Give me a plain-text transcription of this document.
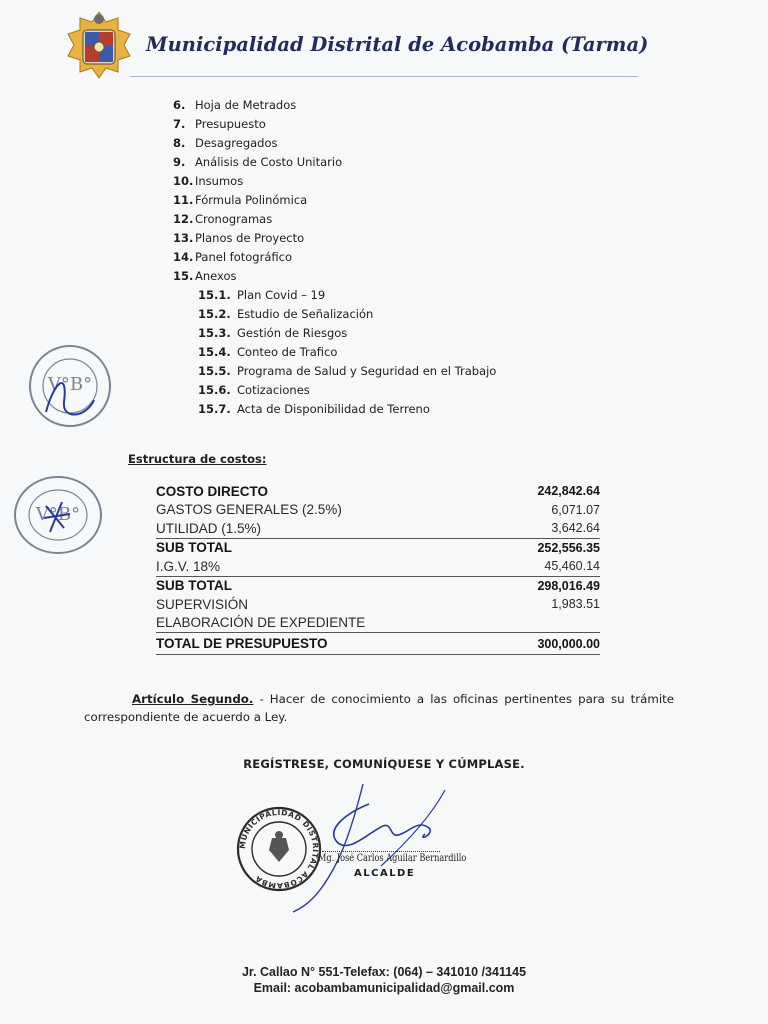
Municipalidad Distrital de Acobamba (Tarma)
6. Hoja de Metrados
7. Presupuesto
8. Desagregados
9. Análisis de Costo Unitario
10. Insumos
11. Fórmula Polinómica
12. Cronogramas
13. Planos de Proyecto
14. Panel fotográfico
15. Anexos
15.1. Plan Covid – 19
15.2. Estudio de Señalización
15.3. Gestión de Riesgos
15.4. Conteo de Trafico
15.5. Programa de Salud y Seguridad en el Trabajo
15.6. Cotizaciones
15.7. Acta de Disponibilidad de Terreno
V°B°
V°B°
Estructura de costos:
COSTO DIRECTO	242,842.64
GASTOS GENERALES (2.5%)	6,071.07
UTILIDAD (1.5%)	3,642.64
SUB TOTAL	252,556.35
I.G.V. 18%	45,460.14
SUB TOTAL	298,016.49
SUPERVISIÓN	1,983.51
ELABORACIÓN DE EXPEDIENTE	
TOTAL DE PRESUPUESTO	300,000.00
Artículo Segundo. - Hacer de conocimiento a las oficinas pertinentes para su trámite correspondiente de acuerdo a Ley.
REGÍSTRESE, COMUNÍQUESE Y CÚMPLASE.
MUNICIPALIDAD DISTRITAL ACOBAMBA
Mg. José Carlos Aguilar Bernardillo
ALCALDE
Jr. Callao N° 551-Telefax: (064) – 341010 /341145
Email: acobambamunicipalidad@gmail.com
